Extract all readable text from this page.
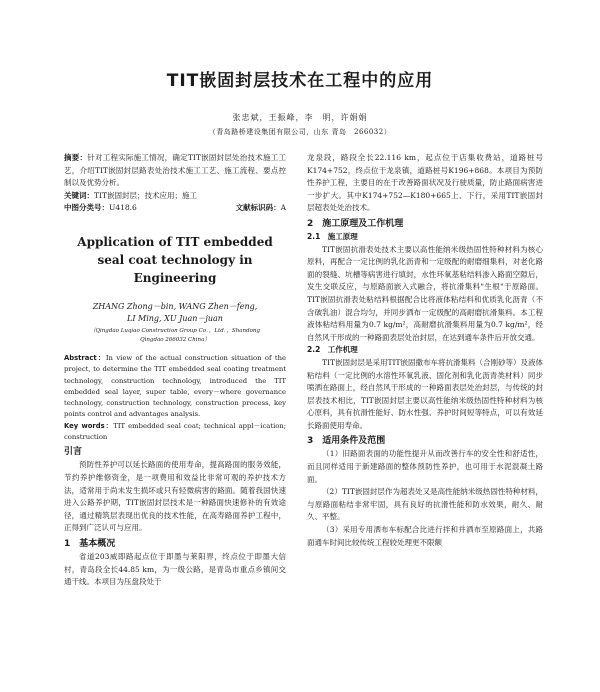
TIT嵌固封层技术在工程中的应用
张忠斌，王振峰，李　明，许娟娟
（青岛路桥建设集团有限公司，山东 青岛　266032）

摘要：针对工程实际施工情况，确定TIT嵌固封层处治技术施工工艺，介绍TIT嵌固封层路表处治技术施工工艺、施工流程、要点控制以及优势分析。

关键词：TIT嵌固封层；技术应用；施工

中图分类号：U418.6	文献标识码：A
Application of TIT embedded
seal coat technology in Engineering
ZHANG Zhong－bin, WANG Zhen－feng,
LI Ming, XU Juan－juan
（Qingdao Luqiao Construction Group Co．，Ltd．，Shandong
Qingdao 266032 China）

Abstract：In view of the actual construction situation of the project, to determine the TIT embedded seal coating treatment technology, construction technology, introduced the TIT embedded seal layer, super table, every－where governance technology, construction technology, construction process, key points control and advantages analysis.

Key words：TIT embedded seal coat; technical appl－ication; construction

引言

预防性养护可以延长路面的使用寿命，提高路面的服务效能，节约养护维修资金，是一项费用和效益比非常可观的养护技术方法，适常用于尚未发生损坏或只有轻微病害的路面。随着我国快速进入公路养护期，TIT嵌固封层技术是一种路面快速修补的有效途径，通过精筑层表现出优良的技术性能，在高寿路面养护工程中，正得到广泛认可与应用。

1　基本概况

省道203威即路起点位于即墨与莱阳界，终点位于即墨大信村，青岛段全长44.85 km，为一级公路，是青岛市重点乡镇间交通干线。本项目为压盘段处于

龙泉段，路段全长22.116 km，起点位于店集收费站，道路桩号K174+752，终点位于龙泉镇，道路桩号K196+868。本项目为预防性养护工程，主要目的在于改善路面状况及行驶质量，防止路面病害进一步扩大。其中K174+752—K180+665上、下行，采用TIT嵌固封层超表处处治技术。

2　施工原理及工作机理
2.1　施工原理

TIT嵌固抗滑表处技术主要以高性能纳米级热固性特种材料为核心原料，再配合一定比例的乳化沥青和一定级配的耐磨细集料，对老化路面的裂缝、坑槽等病害进行填封，水性环氧基粘结料渗入路面空隙后，发生交联反应，与原路面嵌入式融合，将抗滑集料"生根"于原路面。TIT嵌固抗滑表处粘结料根据配合比将液体粘结料和优质乳化沥青（不含破乳油）混合均匀，并同步洒布一定级配的高耐磨抗滑集料。本工程液体粘结料用量为0.7 kg/m²，高耐磨抗滑集料用量为0.7 kg/m²，经自然风干形成的一种路面表层处治封层，在达到通车条件后开放交通。

2.2　工作机理

TIT嵌固封层是采用TIT嵌固撒布车将抗滑集料（合刚砂等）及液体粘结料（一定比例的水溶性环氧乳液、固化剂和乳化沥青类材料）同步喷洒在路面上，经自然风干形成的一种路面表层处治封层，与传统的封层表技术相比，TIT嵌固封层主要以高性能纳米级热固性特种材料为核心原料，具有抗滑性能好、防水性强、养护时间短等特点，可以有效延长路面使用寿命。

3　适用条件及范围

（1）旧路面表面的功能性提升从而改善行车的安全性和舒适性，而且同样适用于新建路面的整体预防性养护，也可用于水泥混凝土路面。

（2）TIT嵌固封层作为超表处又是高性能纳米级热固性特种材料，与原路面粘结非常牢固，具有良好的抗滑性能和防水效果，耐久、耐久、平整。

（3）采用专用洒布车标配合比进行拌和并洒布至原路面上，共路面通车时间比较传统工程较处理更不限额
